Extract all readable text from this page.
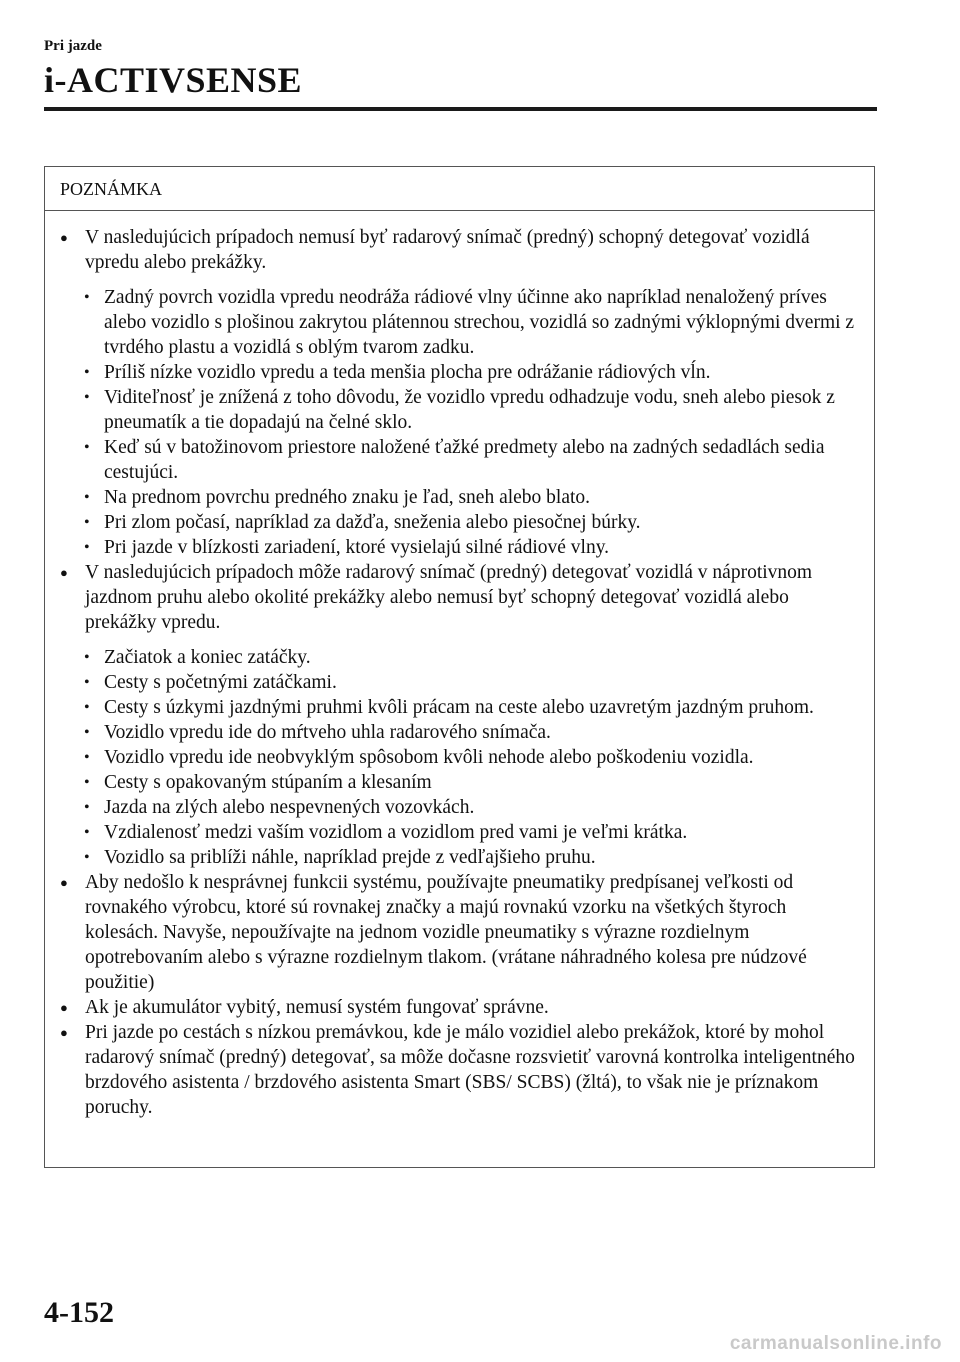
Pri jazde
i-ACTIVSENSE
POZNÁMKA
● V nasledujúcich prípadoch nemusí byť radarový snímač (predný) schopný detegovať vozidlá vpredu alebo prekážky.
• Zadný povrch vozidla vpredu neodráža rádiové vlny účinne ako napríklad nenaložený príves alebo vozidlo s plošinou zakrytou plátennou strechou, vozidlá so zadnými výklopnými dvermi z tvrdého plastu a vozidlá s oblým tvarom zadku.
• Príliš nízke vozidlo vpredu a teda menšia plocha pre odrážanie rádiových vĺn.
• Viditeľnosť je znížená z toho dôvodu, že vozidlo vpredu odhadzuje vodu, sneh alebo piesok z pneumatík a tie dopadajú na čelné sklo.
• Keď sú v batožinovom priestore naložené ťažké predmety alebo na zadných sedadlách sedia cestujúci.
• Na prednom povrchu predného znaku je ľad, sneh alebo blato.
• Pri zlom počasí, napríklad za dažďa, sneženia alebo piesočnej búrky.
• Pri jazde v blízkosti zariadení, ktoré vysielajú silné rádiové vlny.
● V nasledujúcich prípadoch môže radarový snímač (predný) detegovať vozidlá v náprotivnom jazdnom pruhu alebo okolité prekážky alebo nemusí byť schopný detegovať vozidlá alebo prekážky vpredu.
• Začiatok a koniec zatáčky.
• Cesty s početnými zatáčkami.
• Cesty s úzkymi jazdnými pruhmi kvôli prácam na ceste alebo uzavretým jazdným pruhom.
• Vozidlo vpredu ide do mŕtveho uhla radarového snímača.
• Vozidlo vpredu ide neobvyklým spôsobom kvôli nehode alebo poškodeniu vozidla.
• Cesty s opakovaným stúpaním a klesaním
• Jazda na zlých alebo nespevnených vozovkách.
• Vzdialenosť medzi vaším vozidlom a vozidlom pred vami je veľmi krátka.
• Vozidlo sa priblíži náhle, napríklad prejde z vedľajšieho pruhu.
● Aby nedošlo k nesprávnej funkcii systému, používajte pneumatiky predpísanej veľkosti od rovnakého výrobcu, ktoré sú rovnakej značky a majú rovnakú vzorku na všetkých štyroch kolesách. Navyše, nepoužívajte na jednom vozidle pneumatiky s výrazne rozdielnym opotrebovaním alebo s výrazne rozdielnym tlakom. (vrátane náhradného kolesa pre núdzové použitie)
● Ak je akumulátor vybitý, nemusí systém fungovať správne.
● Pri jazde po cestách s nízkou premávkou, kde je málo vozidiel alebo prekážok, ktoré by mohol radarový snímač (predný) detegovať, sa môže dočasne rozsvietiť varovná kontrolka inteligentného brzdového asistenta / brzdového asistenta Smart (SBS/ SCBS) (žltá), to však nie je príznakom poruchy.
4-152
carmanualsonline.info
